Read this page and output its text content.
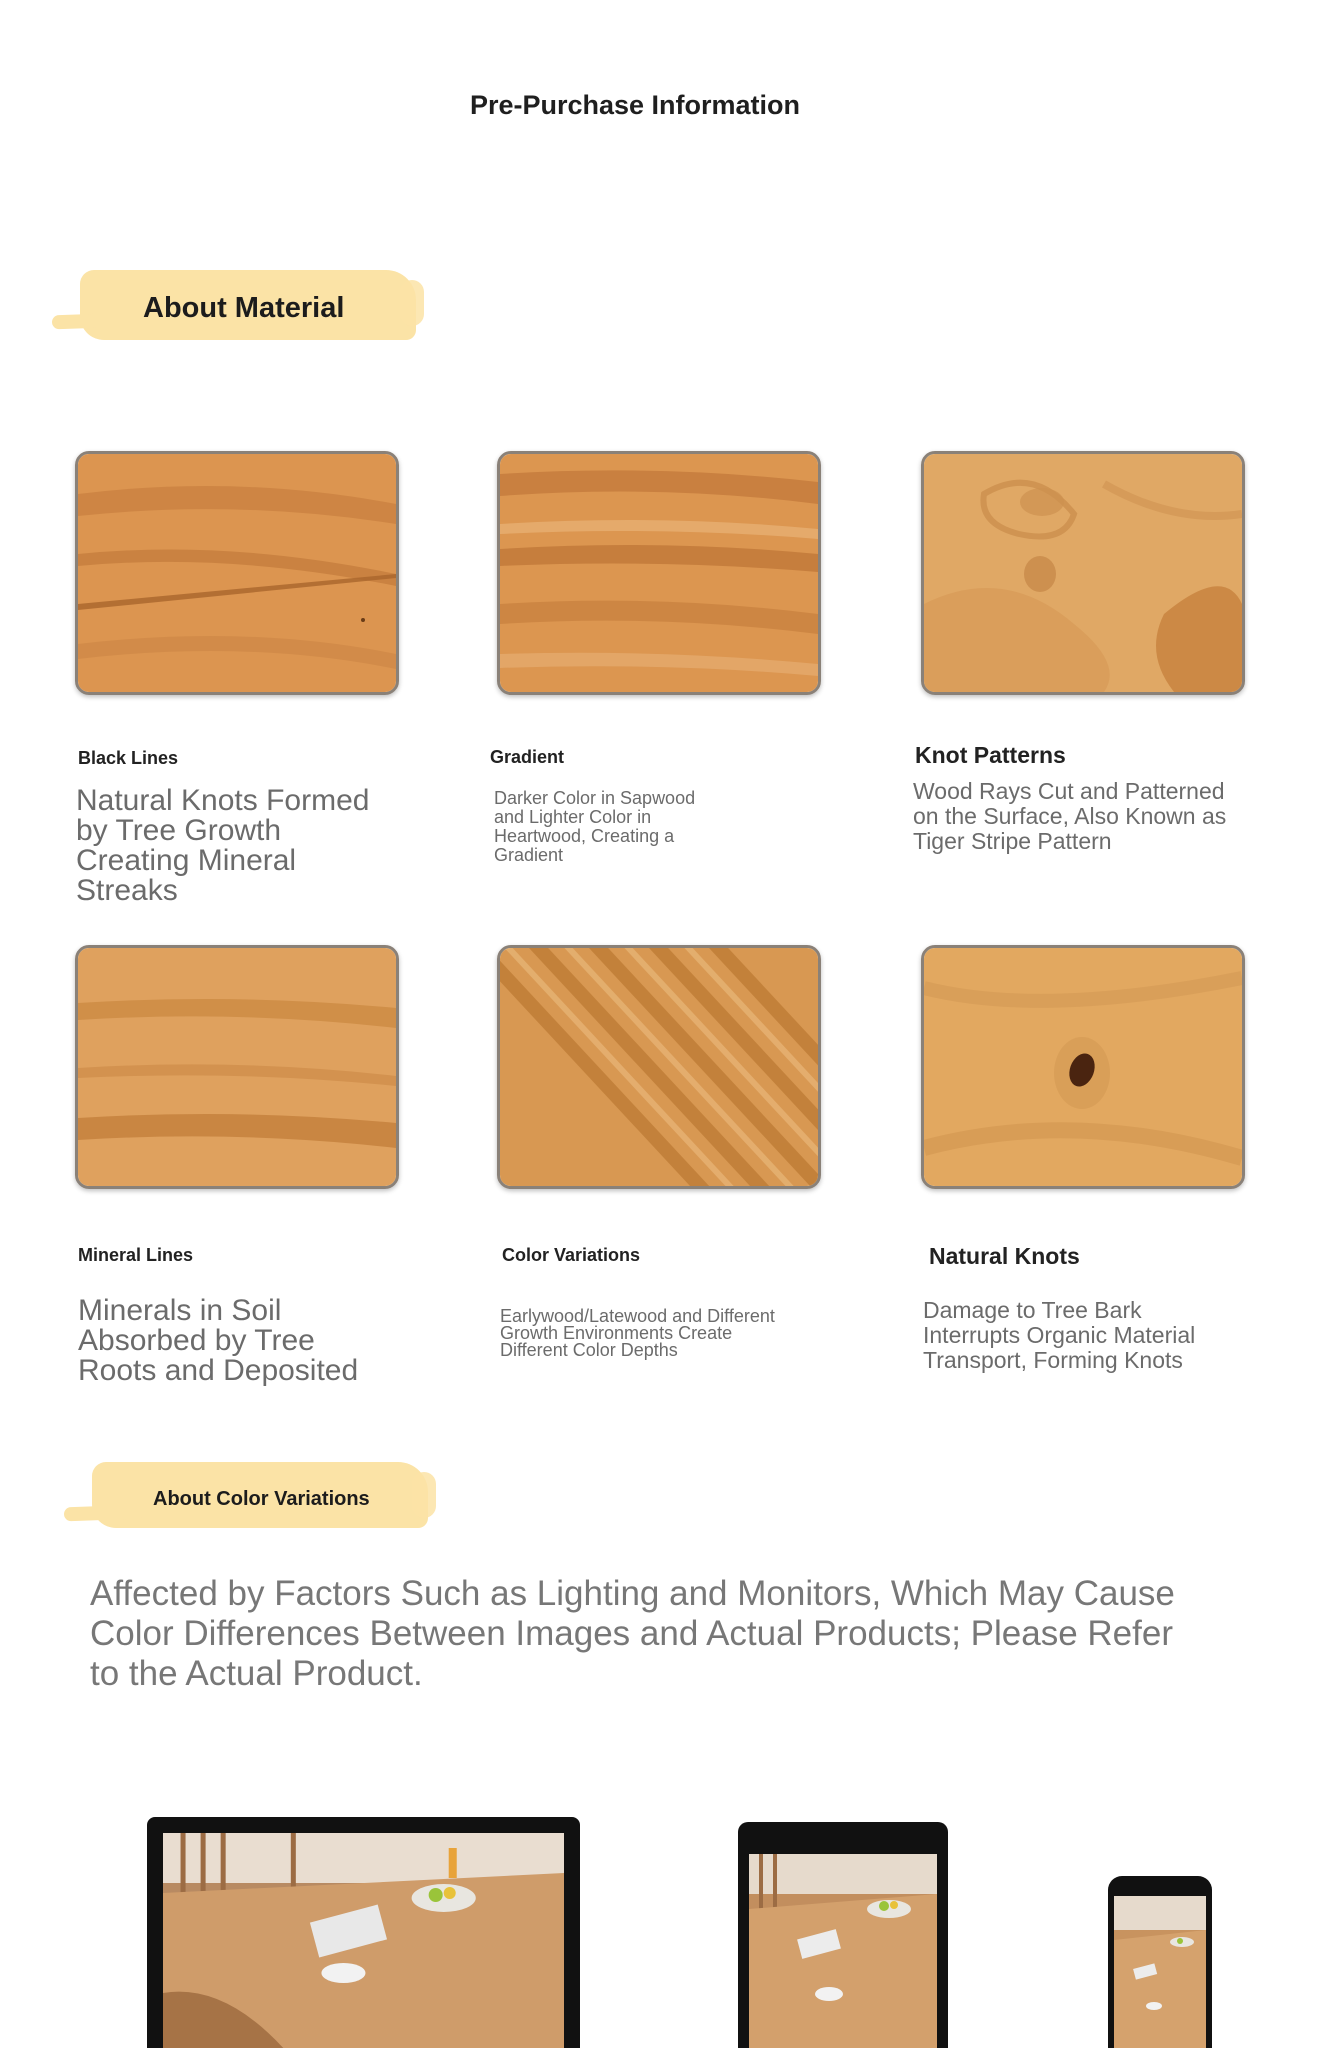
Pre-Purchase Information
About Material
Black Lines
Natural Knots Formed by Tree Growth Creating Mineral Streaks
Gradient
Darker Color in Sapwood and Lighter Color in Heartwood, Creating a Gradient
Knot Patterns
Wood Rays Cut and Patterned on the Surface, Also Known as Tiger Stripe Pattern
Mineral Lines
Minerals in Soil Absorbed by Tree Roots and Deposited
Color Variations
Earlywood/Latewood and Different Growth Environments Create Different Color Depths
Natural Knots
Damage to Tree Bark Interrupts Organic Material Transport, Forming Knots
About Color Variations
Affected by Factors Such as Lighting and Monitors, Which May Cause Color Differences Between Images and Actual Products; Please Refer to the Actual Product.
